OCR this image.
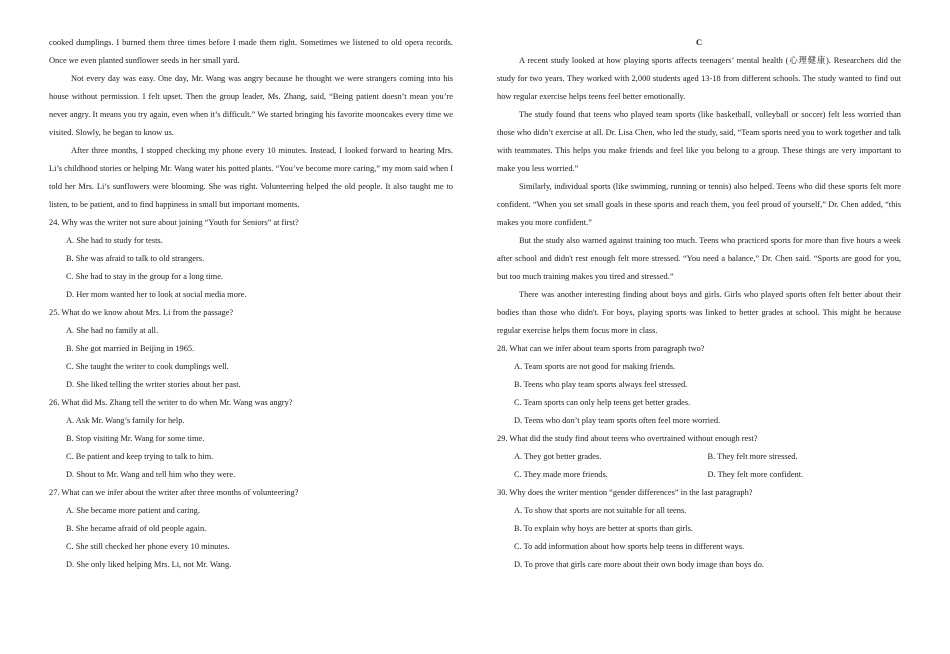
cooked dumplings. I burned them three times before I made them right. Sometimes we listened to old opera records. Once we even planted sunflower seeds in her small yard.

Not every day was easy. One day, Mr. Wang was angry because he thought we were strangers coming into his house without permission. I felt upset. Then the group leader, Ms. Zhang, said, “Being patient doesn’t mean you’re never angry. It means you try again, even when it’s difficult.” We started bringing his favorite mooncakes every time we visited. Slowly, he began to know us.

After three months, I stopped checking my phone every 10 minutes. Instead, I looked forward to hearing Mrs. Li’s childhood stories or helping Mr. Wang water his potted plants. “You’ve become more caring,” my mom said when I told her Mrs. Li’s sunflowers were blooming. She was right. Volunteering helped the old people. It also taught me to listen, to be patient, and to find happiness in small but important moments.

24. Why was the writer not sure about joining “Youth for Seniors” at first?

A. She had to study for tests.

B. She was afraid to talk to old strangers.

C. She had to stay in the group for a long time.

D. Her mom wanted her to look at social media more.

25. What do we know about Mrs. Li from the passage?

A. She had no family at all.

B. She got married in Beijing in 1965.

C. She taught the writer to cook dumplings well.

D. She liked telling the writer stories about her past.

26. What did Ms. Zhang tell the writer to do when Mr. Wang was angry?

A. Ask Mr. Wang’s family for help.

B. Stop visiting Mr. Wang for some time.

C. Be patient and keep trying to talk to him.

D. Shout to Mr. Wang and tell him who they were.

27. What can we infer about the writer after three months of volunteering?

A. She became more patient and caring.

B. She became afraid of old people again.

C. She still checked her phone every 10 minutes.

D. She only liked helping Mrs. Li, not Mr. Wang.

C

A recent study looked at how playing sports affects teenagers’ mental health (心理健康). Researchers did the study for two years. They worked with 2,000 students aged 13-18 from different schools. The study wanted to find out how regular exercise helps teens feel better emotionally.

The study found that teens who played team sports (like basketball, volleyball or soccer) felt less worried than those who didn’t exercise at all. Dr. Lisa Chen, who led the study, said, “Team sports need you to work together and talk with teammates. This helps you make friends and feel like you belong to a group. These things are very important to make you less worried.”

Similarly, individual sports (like swimming, running or tennis) also helped. Teens who did these sports felt more confident. “When you set small goals in these sports and reach them, you feel proud of yourself,” Dr. Chen added, “this makes you more confident.”

But the study also warned against training too much. Teens who practiced sports for more than five hours a week after school and didn't rest enough felt more stressed. “You need a balance,” Dr. Chen said. “Sports are good for you, but too much training makes you tired and stressed.”

There was another interesting finding about boys and girls. Girls who played sports often felt better about their bodies than those who didn't. For boys, playing sports was linked to better grades at school. This might be because regular exercise helps them focus more in class.

28. What can we infer about team sports from paragraph two?

A. Team sports are not good for making friends.

B. Teens who play team sports always feel stressed.

C. Team sports can only help teens get better grades.

D. Teens who don’t play team sports often feel more worried.

29. What did the study find about teens who overtrained without enough rest?

A. They got better grades.	B. They felt more stressed.
C. They made more friends.	D. They felt more confident.

30. Why does the writer mention “gender differences” in the last paragraph?

A. To show that sports are not suitable for all teens.

B. To explain why boys are better at sports than girls.

C. To add information about how sports help teens in different ways.

D. To prove that girls care more about their own body image than boys do.
